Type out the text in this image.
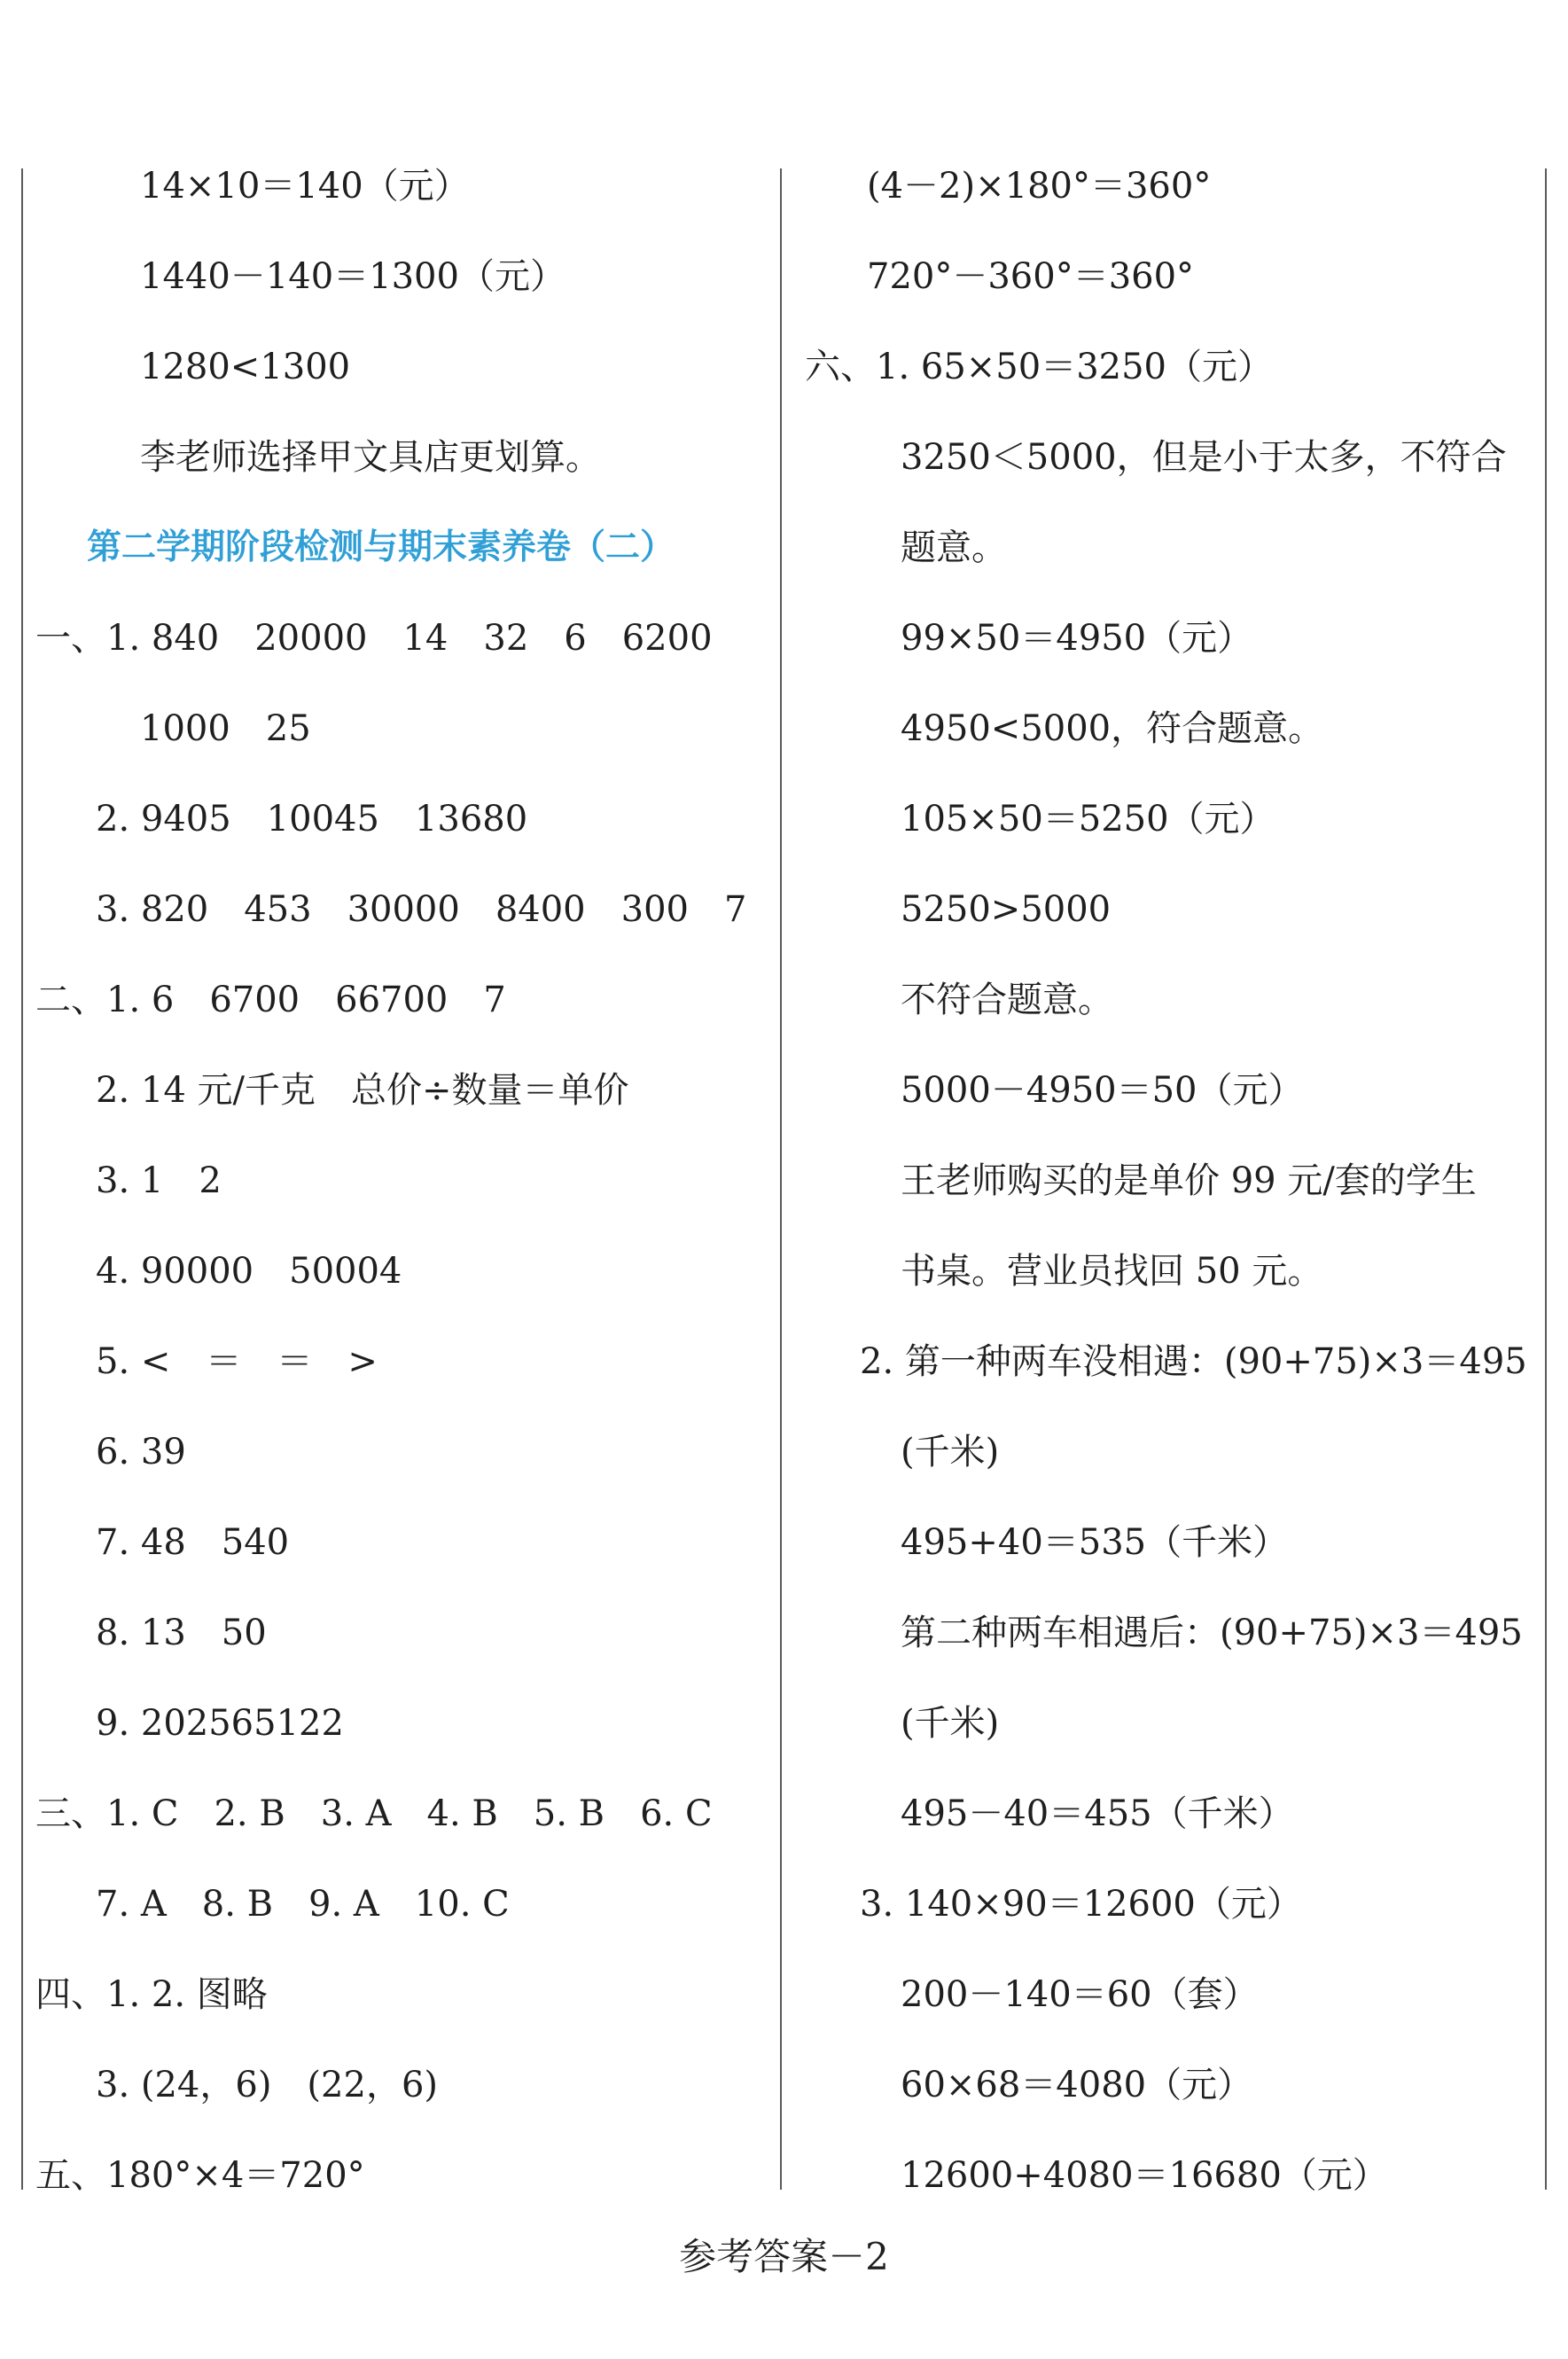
14×10＝140（元）
1440－140＝1300（元）
1280<1300
李老师选择甲文具店更划算。
第二学期阶段检测与期末素养卷（二）
一、1. 840　20000　14　32　6　6200
1000　25
2. 9405　10045　13680
3. 820　453　30000　8400　300　7
二、1. 6　6700　66700　7
2. 14 元/千克　总价÷数量＝单价
3. 1　2
4. 90000　50004
5. <　＝　＝　>
6. 39
7. 48　540
8. 13　50
9. 202565122
三、1. C　2. B　3. A　4. B　5. B　6. C
7. A　8. B　9. A　10. C
四、1. 2. 图略
3. (24，6)　(22，6)
五、180°×4＝720°
(4－2)×180°＝360°
720°－360°＝360°
六、1. 65×50＝3250（元）
3250＜5000，但是小于太多，不符合
题意。
99×50＝4950（元）
4950<5000，符合题意。
105×50＝5250（元）
5250>5000
不符合题意。
5000－4950＝50（元）
王老师购买的是单价 99 元/套的学生
书桌。营业员找回 50 元。
2. 第一种两车没相遇：(90+75)×3＝495
(千米)
495+40＝535（千米）
第二种两车相遇后：(90+75)×3＝495
(千米)
495－40＝455（千米）
3. 140×90＝12600（元）
200－140＝60（套）
60×68＝4080（元）
12600+4080＝16680（元）
参考答案－2
